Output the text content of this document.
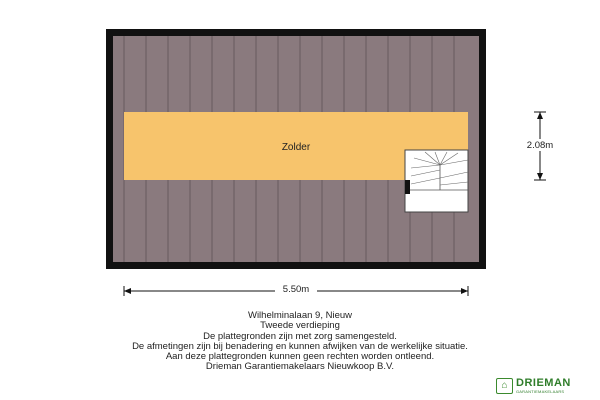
Zolder	2.08m
5.50m
Wilhelminalaan 9, Nieuw
Tweede verdieping
De plattegronden zijn met zorg samengesteld.
De afmetingen zijn bij benadering en kunnen afwijken van de werkelijke situatie.
Aan deze plattegronden kunnen geen rechten worden ontleend.
Drieman Garantiemakelaars Nieuwkoop B.V.
⌂ DRIEMAN
GARANTIEMAKELAARS
